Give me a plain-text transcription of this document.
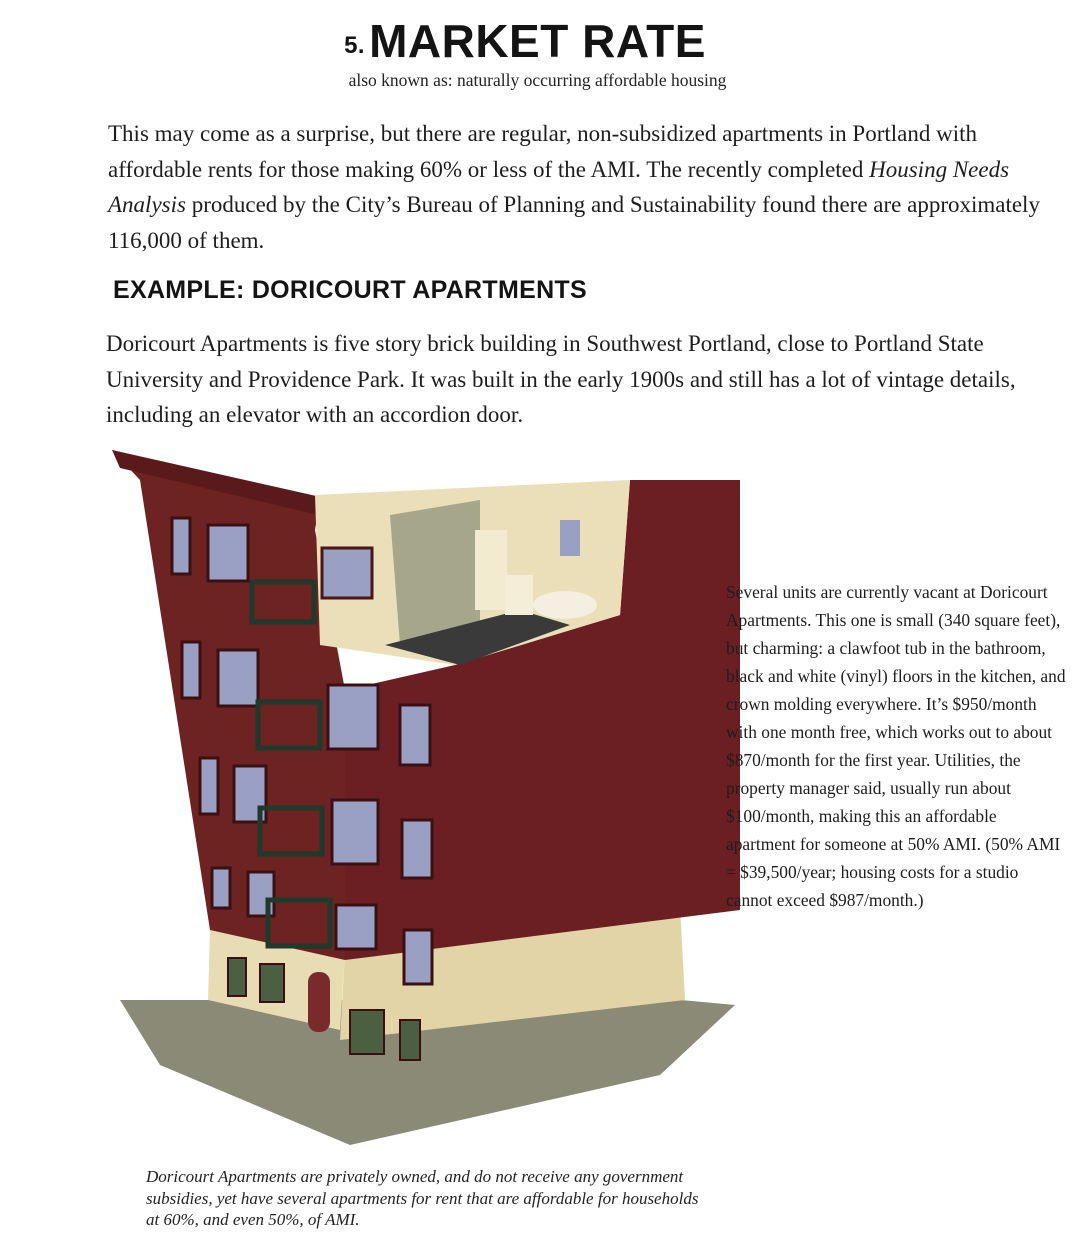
5.MARKET RATE
also known as: naturally occurring affordable housing

This may come as a surprise, but there are regular, non-subsidized apartments in Portland with affordable rents for those making 60% or less of the AMI. The recently completed Housing Needs Analysis produced by the City’s Bureau of Planning and Sustainability found there are approximately 116,000 of them.

EXAMPLE: DORICOURT APARTMENTS

Doricourt Apartments is five story brick building in Southwest Portland, close to Portland State University and Providence Park. It was built in the early 1900s and still has a lot of vintage details, including an elevator with an accordion door.

Several units are currently vacant at Doricourt Apartments. This one is small (340 square feet), but charming: a clawfoot tub in the bathroom, black and white (vinyl) floors in the kitchen, and crown molding everywhere. It’s $950/month with one month free, which works out to about $870/month for the first year. Utilities, the property manager said, usually run about $100/month, making this an affordable apartment for someone at 50% AMI. (50% AMI = $39,500/year; housing costs for a studio cannot exceed $987/month.)

Doricourt Apartments are privately owned, and do not receive any government subsidies, yet have several apartments for rent that are affordable for households at 60%, and even 50%, of AMI.
